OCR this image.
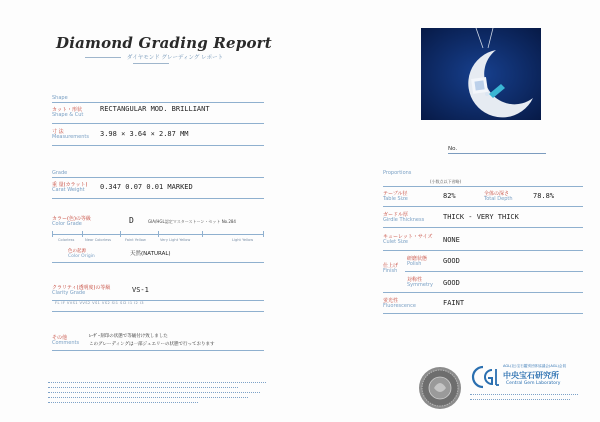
Diamond Grading Report
ダイヤモンド グレーディング レポート
Shape
カット・形状
Shape & Cut
RECTANGULAR MOD. BRILLIANT
寸 法
Measurements 3.98 × 3.64 × 2.87 MM
Grade
重 量(カラット)
Carat Weight 0.347 0.07 0.01 MARKED
カラー(色)の等級
Color Grade	D	GIA/HGL認定マスターストーン・セット No.284
Colorless	Near Colorless	Faint Yellow	Very Light Yellow	Light Yellow
色の起源
Color Origin	天然(NATURAL)
クラリティ(透明度)の等級
Clarity Grade	VS-1
FL IF VVS1 VVS2 VS1 VS2 SI1 SI2 I1 I2 I3
その他
Comments
ﾚｰｻﾞｰ刻印の状態で等級付け致しました
このグレーディングは一部ジュエリーの状態で行っております
No.
Proportions
(小数点以下省略)
テーブル径
Table Size	82%	全体の深さ
Total Depth	78.8%
ガードル厚
Girdle Thickness	THICK - VERY THICK
キューレット・サイズ
Culet Size	NONE
仕上げ
Finish
研磨状態
Polish	GOOD
対称性
Symmetry GOOD
蛍光性
Fluorescence	FAINT
AGL(社)宝石鑑別団体協議会(AGL)会員
中央宝石研究所
Central Gem Laboratory
